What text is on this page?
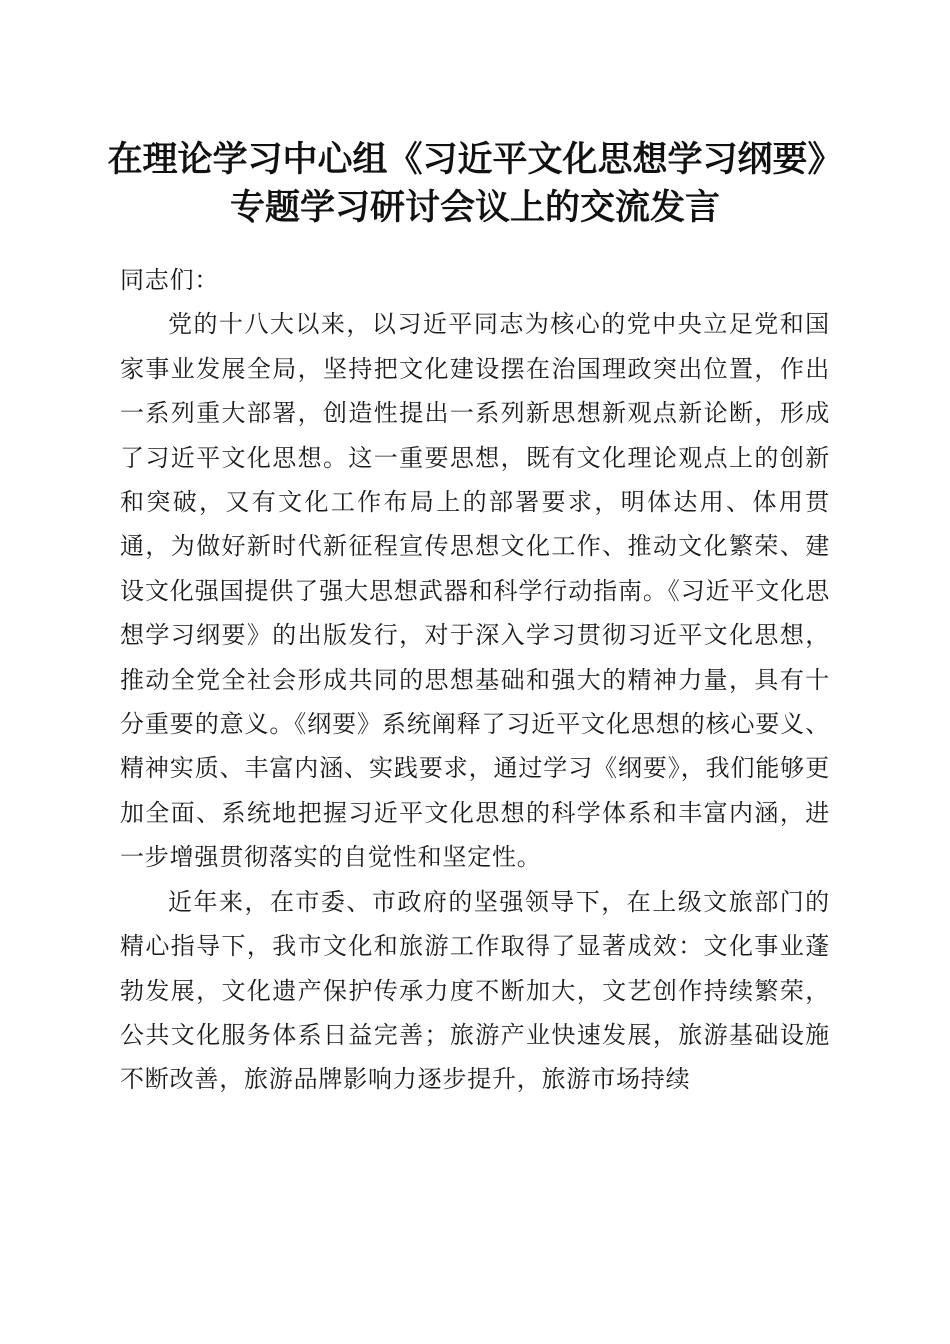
在理论学习中心组《习近平文化思想学习纲要》专题学习研讨会议上的交流发言

同志们：

党的十八大以来，以习近平同志为核心的党中央立足党和国家事业发展全局，坚持把文化建设摆在治国理政突出位置，作出一系列重大部署，创造性提出一系列新思想新观点新论断，形成了习近平文化思想。这一重要思想，既有文化理论观点上的创新和突破，又有文化工作布局上的部署要求，明体达用、体用贯通，为做好新时代新征程宣传思想文化工作、推动文化繁荣、建设文化强国提供了强大思想武器和科学行动指南。《习近平文化思想学习纲要》的出版发行，对于深入学习贯彻习近平文化思想，推动全党全社会形成共同的思想基础和强大的精神力量，具有十分重要的意义。《纲要》系统阐释了习近平文化思想的核心要义、精神实质、丰富内涵、实践要求，通过学习《纲要》，我们能够更加全面、系统地把握习近平文化思想的科学体系和丰富内涵，进一步增强贯彻落实的自觉性和坚定性。

近年来，在市委、市政府的坚强领导下，在上级文旅部门的精心指导下，我市文化和旅游工作取得了显著成效：文化事业蓬勃发展，文化遗产保护传承力度不断加大，文艺创作持续繁荣，公共文化服务体系日益完善；旅游产业快速发展，旅游基础设施不断改善，旅游品牌影响力逐步提升，旅游市场持续
